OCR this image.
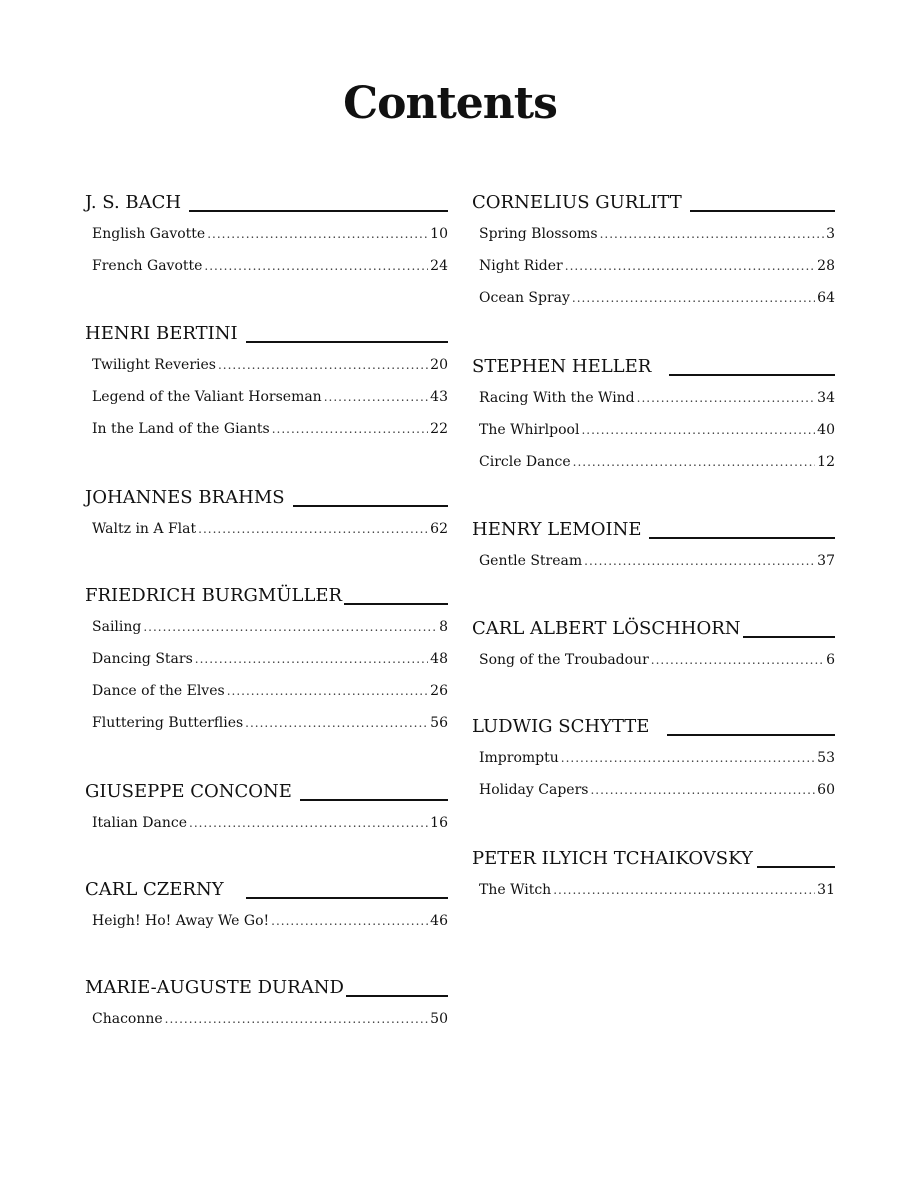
Contents
J. S. BACH
English Gavotte .....	10
French Gavotte .....	24
HENRI BERTINI
Twilight Reveries .....	20
Legend of the Valiant Horseman .....	43
In the Land of the Giants .....	22
JOHANNES BRAHMS
Waltz in A Flat .....	62
FRIEDRICH BURGMÜLLER
Sailing .....	8
Dancing Stars .....	48
Dance of the Elves .....	26
Fluttering Butterflies .....	56
GIUSEPPE CONCONE
Italian Dance .....	16
CARL CZERNY
Heigh! Ho! Away We Go! .....	46
MARIE-AUGUSTE DURAND
Chaconne .....	50
CORNELIUS GURLITT
Spring Blossoms .....	3
Night Rider .....	28
Ocean Spray .....	64
STEPHEN HELLER
Racing With the Wind .....	34
The Whirlpool .....	40
Circle Dance .....	12
HENRY LEMOINE
Gentle Stream .....	37
CARL ALBERT LÖSCHHORN
Song of the Troubadour .....	6
LUDWIG SCHYTTE
Impromptu .....	53
Holiday Capers .....	60
PETER ILYICH TCHAIKOVSKY
The Witch .....	31
